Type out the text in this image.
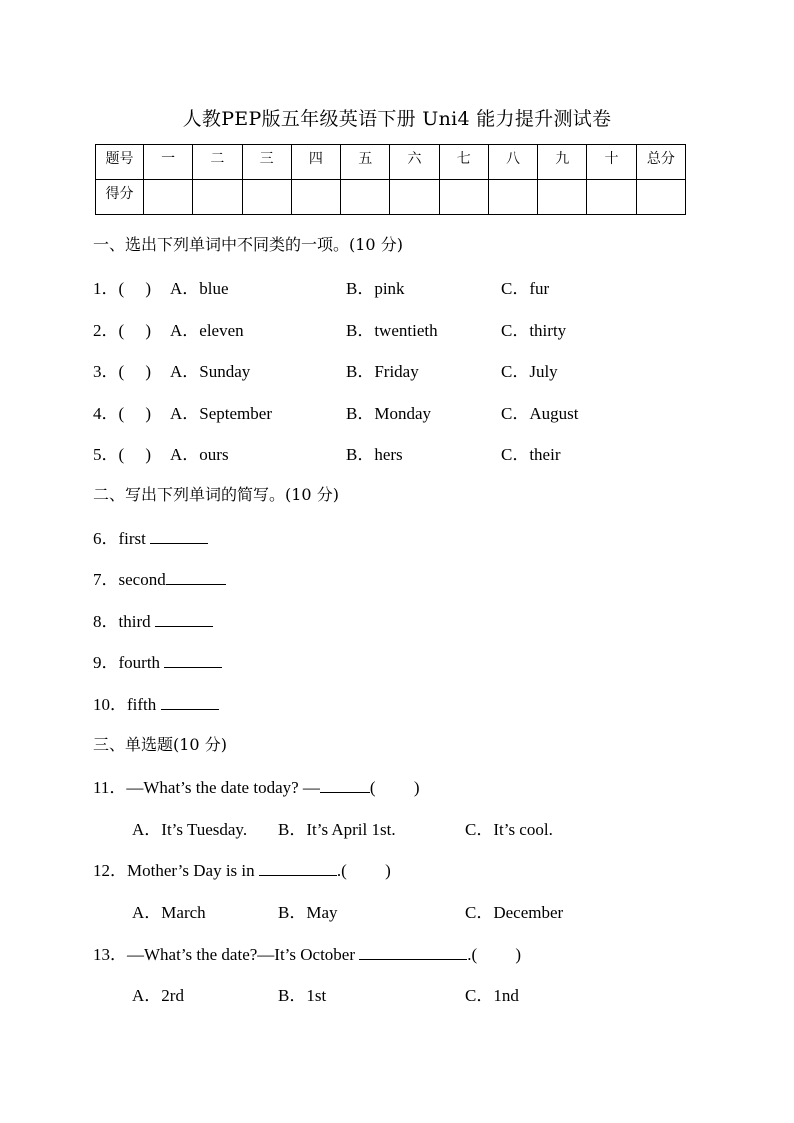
人教PEP版五年级英语下册 Uni4 能力提升测试卷
题号	一	二	三	四	五	六	七	八	九	十	总分
得分											
一、选出下列单词中不同类的一项。(10 分)
1．(　 ) A．blue	B．pink	C．fur
2．(　 ) A．eleven	B．twentieth	C．thirty
3．(　 ) A．Sunday	B．Friday	C．July
4．(　 ) A．September	B．Monday	C．August
5．(　 ) A．ours	B．hers	C．their
二、写出下列单词的简写。(10 分)
6．first
7．second
8．third
9．fourth
10．fifth
三、单选题(10 分)
11．—What’s the date today? —	(　　 )
A．It’s Tuesday. B．It’s April 1st.	C．It’s cool.
12．Mother’s Day is in	.(　　 )
A．March	B．May	C．December
13．—What’s the date?—It’s October	.(　　 )
A．2rd	B．1st	C．1nd
